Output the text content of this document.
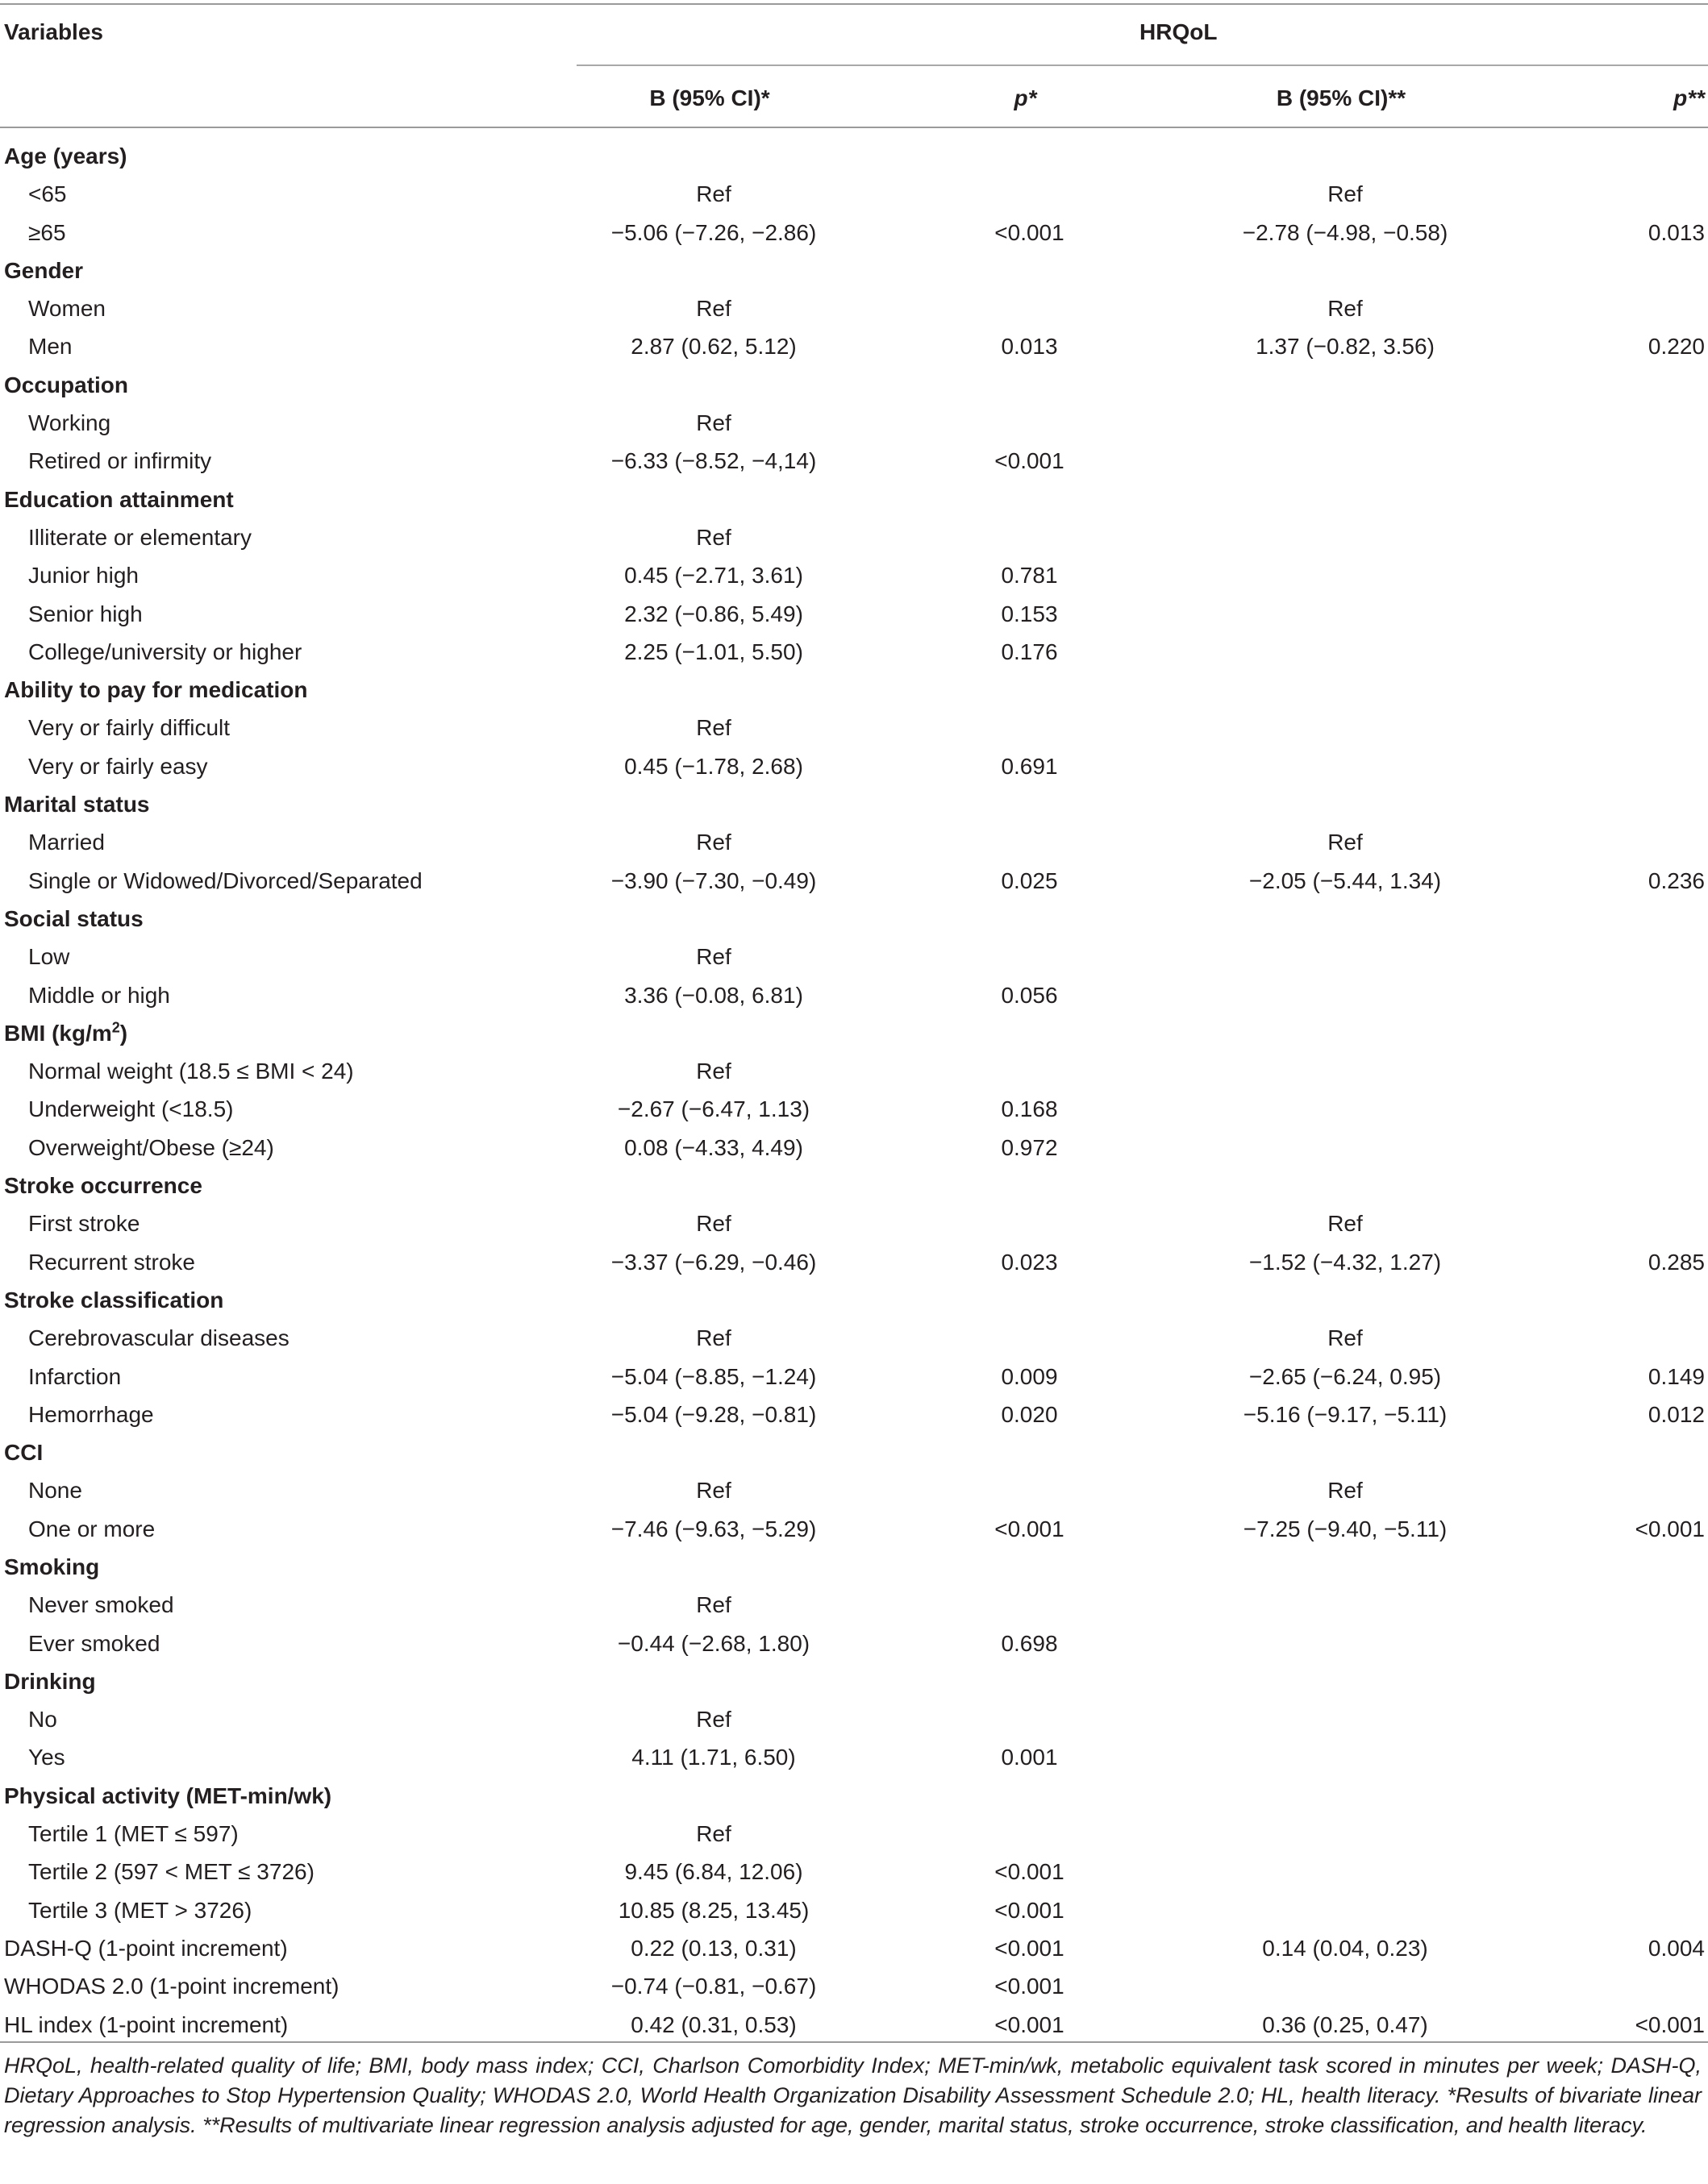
Variables	HRQoL
B (95% CI)*	p*	B (95% CI)**	p**
Age (years)				
<65	Ref		Ref	
≥65	−5.06 (−7.26, −2.86)	<0.001	−2.78 (−4.98, −0.58)	0.013
Gender				
Women	Ref		Ref	
Men	2.87 (0.62, 5.12)	0.013	1.37 (−0.82, 3.56)	0.220
Occupation				
Working	Ref			
Retired or infirmity	−6.33 (−8.52, −4,14)	<0.001		
Education attainment				
Illiterate or elementary	Ref			
Junior high	0.45 (−2.71, 3.61)	0.781		
Senior high	2.32 (−0.86, 5.49)	0.153		
College/university or higher	2.25 (−1.01, 5.50)	0.176		
Ability to pay for medication				
Very or fairly difficult	Ref			
Very or fairly easy	0.45 (−1.78, 2.68)	0.691		
Marital status				
Married	Ref		Ref	
Single or Widowed/Divorced/Separated	−3.90 (−7.30, −0.49)	0.025	−2.05 (−5.44, 1.34)	0.236
Social status				
Low	Ref			
Middle or high	3.36 (−0.08, 6.81)	0.056		
BMI $(kg/m^2)$				
Normal weight (18.5 ≤ BMI < 24)	Ref			
Underweight (<18.5)	−2.67 (−6.47, 1.13)	0.168		
Overweight/Obese (≥24)	0.08 (−4.33, 4.49)	0.972		
Stroke occurrence				
First stroke	Ref		Ref	
Recurrent stroke	−3.37 (−6.29, −0.46)	0.023	−1.52 (−4.32, 1.27)	0.285
Stroke classification				
Cerebrovascular diseases	Ref		Ref	
Infarction	−5.04 (−8.85, −1.24)	0.009	−2.65 (−6.24, 0.95)	0.149
Hemorrhage	−5.04 (−9.28, −0.81)	0.020	−5.16 (−9.17, −5.11)	0.012
CCI				
None	Ref		Ref	
One or more	−7.46 (−9.63, −5.29)	<0.001	−7.25 (−9.40, −5.11)	<0.001
Smoking				
Never smoked	Ref			
Ever smoked	−0.44 (−2.68, 1.80)	0.698		
Drinking				
No	Ref			
Yes	4.11 (1.71, 6.50)	0.001		
Physical activity (MET-min/wk)				
Tertile 1 (MET ≤ 597)	Ref			
Tertile 2 (597 < MET ≤ 3726)	9.45 (6.84, 12.06)	<0.001		
Tertile 3 (MET > 3726)	10.85 (8.25, 13.45)	<0.001		
DASH-Q (1-point increment)	0.22 (0.13, 0.31)	<0.001	0.14 (0.04, 0.23)	0.004
WHODAS 2.0 (1-point increment)	−0.74 (−0.81, −0.67)	<0.001		
HL index (1-point increment)	0.42 (0.31, 0.53)	<0.001	0.36 (0.25, 0.47)	<0.001
HRQoL, health-related quality of life; BMI, body mass index; CCI, Charlson Comorbidity Index; MET-min/wk, metabolic equivalent task scored in minutes per week; DASH-Q, Dietary Approaches to Stop Hypertension Quality; WHODAS 2.0, World Health Organization Disability Assessment Schedule 2.0; HL, health literacy. *Results of bivariate linear regression analysis. **Results of multivariate linear regression analysis adjusted for age, gender, marital status, stroke occurrence, stroke classification, and health literacy.
